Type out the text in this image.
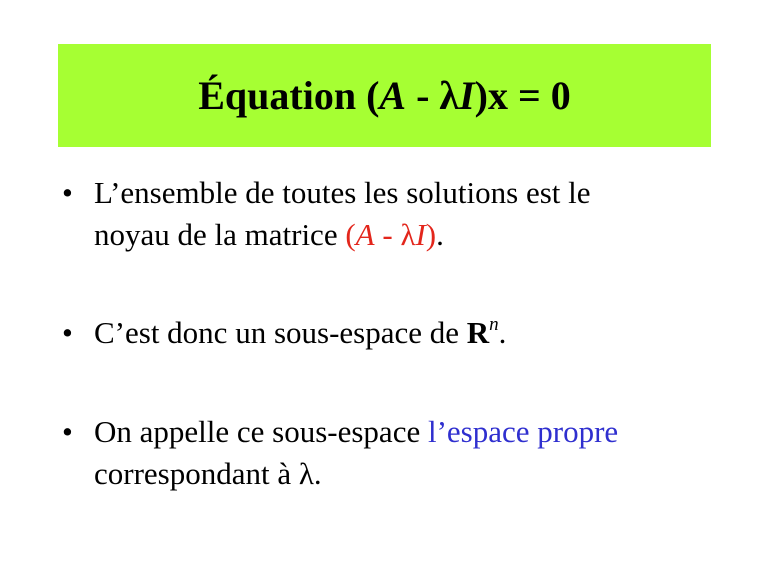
Équation (A - λI)x = 0
• L’ensemble de toutes les solutions est le
noyau de la matrice (A - λI).
• C’est donc un sous-espace de $R^n$.
• On appelle ce sous-espace l’espace propre
correspondant à λ.
